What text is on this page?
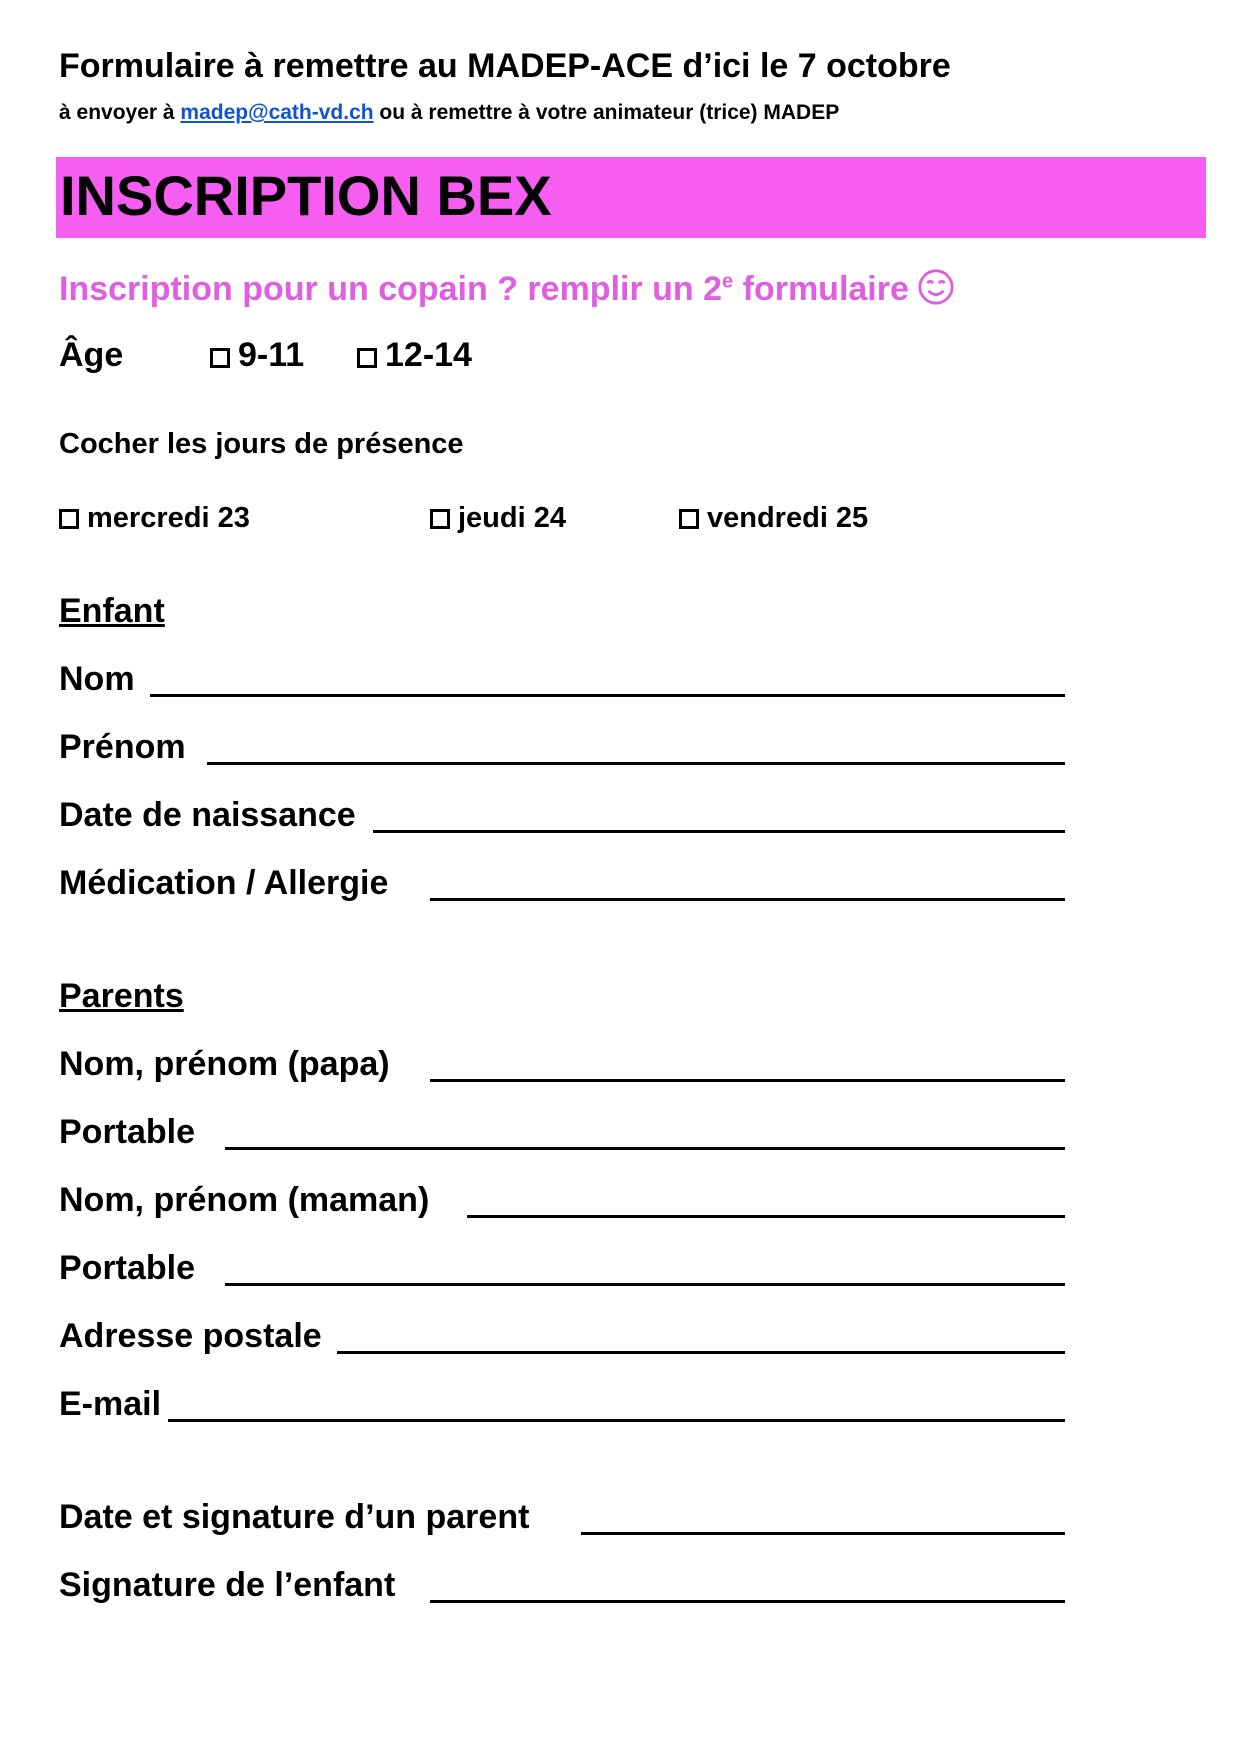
Formulaire à remettre au MADEP-ACE d’ici le 7 octobre
à envoyer à madep@cath-vd.ch ou à remettre à votre animateur (trice) MADEP
INSCRIPTION BEX
Inscription pour un copain ? remplir un 2e formulaire
Âge	9-11	12-14
Cocher les jours de présence
mercredi 23	jeudi 24	vendredi 25
Enfant
Nom
Prénom
Date de naissance
Médication / Allergie
Parents
Nom, prénom (papa)
Portable
Nom, prénom (maman)
Portable
Adresse postale
E-mail
Date et signature d’un parent
Signature de l’enfant
